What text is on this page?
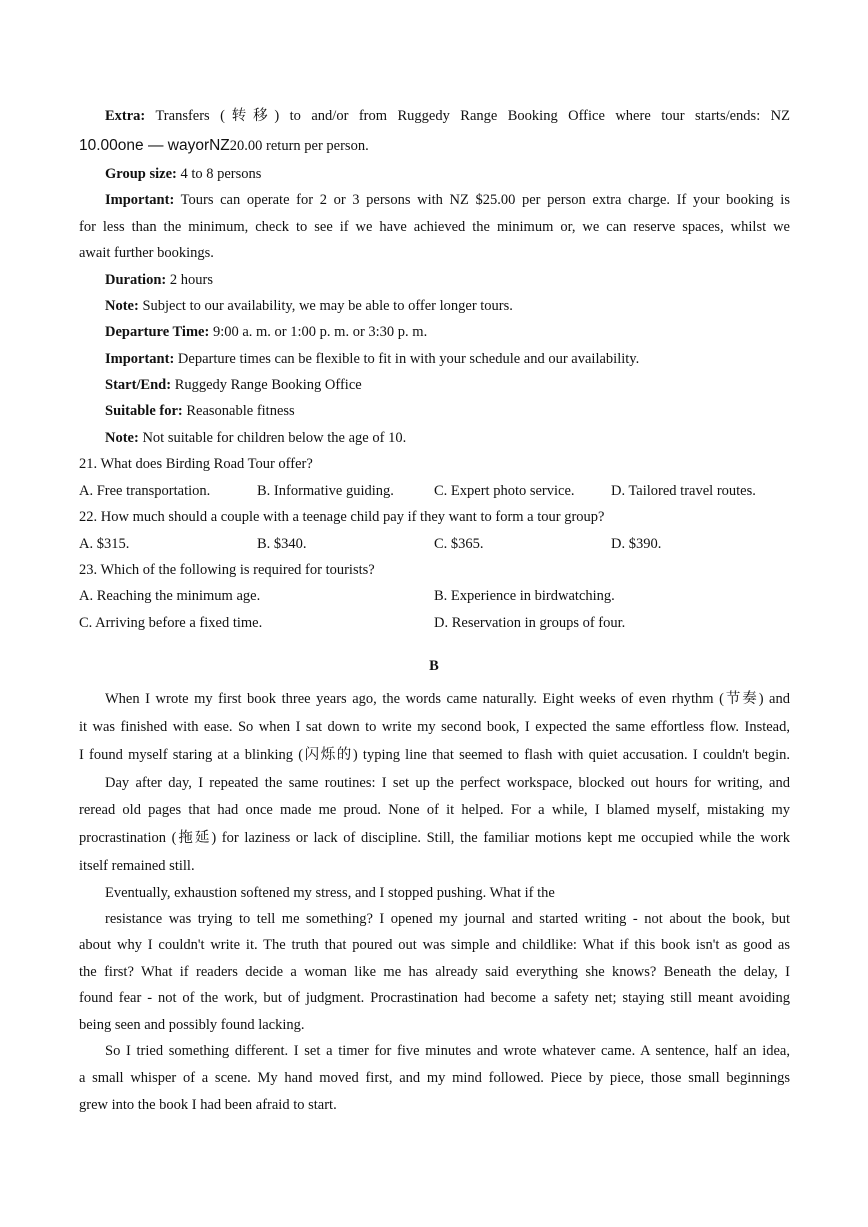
Extra: Transfers (转移) to and/or from Ruggedy Range Booking Office where tour starts/ends: NZ
10.00one — wayorNZ20.00 return per person.
Group size: 4 to 8 persons
Important: Tours can operate for 2 or 3 persons with NZ $25.00 per person extra charge. If your booking is
for less than the minimum, check to see if we have achieved the minimum or, we can reserve spaces, whilst we
await further bookings.
Duration: 2 hours
Note: Subject to our availability, we may be able to offer longer tours.
Departure Time: 9:00 a. m. or 1:00 p. m. or 3:30 p. m.
Important: Departure times can be flexible to fit in with your schedule and our availability.
Start/End: Ruggedy Range Booking Office
Suitable for: Reasonable fitness
Note: Not suitable for children below the age of 10.
21. What does Birding Road Tour offer?
A. Free transportation.	B. Informative guiding.	C. Expert photo service.	D. Tailored travel routes.
22. How much should a couple with a teenage child pay if they want to form a tour group?
A. $315.	B. $340.	C. $365.	D. $390.
23. Which of the following is required for tourists?
A. Reaching the minimum age.	B. Experience in birdwatching.
C. Arriving before a fixed time.	D. Reservation in groups of four.
B
When I wrote my first book three years ago, the words came naturally. Eight weeks of even rhythm (节奏) and
it was finished with ease. So when I sat down to write my second book, I expected the same effortless flow. Instead,
I found myself staring at a blinking (闪烁的) typing line that seemed to flash with quiet accusation. I couldn't begin.
Day after day, I repeated the same routines: I set up the perfect workspace, blocked out hours for writing, and
reread old pages that had once made me proud. None of it helped. For a while, I blamed myself, mistaking my
procrastination (拖延) for laziness or lack of discipline. Still, the familiar motions kept me occupied while the work
itself remained still.
Eventually, exhaustion softened my stress, and I stopped pushing. What if the
resistance was trying to tell me something? I opened my journal and started writing - not about the book, but
about why I couldn't write it. The truth that poured out was simple and childlike: What if this book isn't as good as
the first? What if readers decide a woman like me has already said everything she knows? Beneath the delay, I
found fear - not of the work, but of judgment. Procrastination had become a safety net; staying still meant avoiding
being seen and possibly found lacking.
So I tried something different. I set a timer for five minutes and wrote whatever came. A sentence, half an idea,
a small whisper of a scene. My hand moved first, and my mind followed. Piece by piece, those small beginnings
grew into the book I had been afraid to start.
